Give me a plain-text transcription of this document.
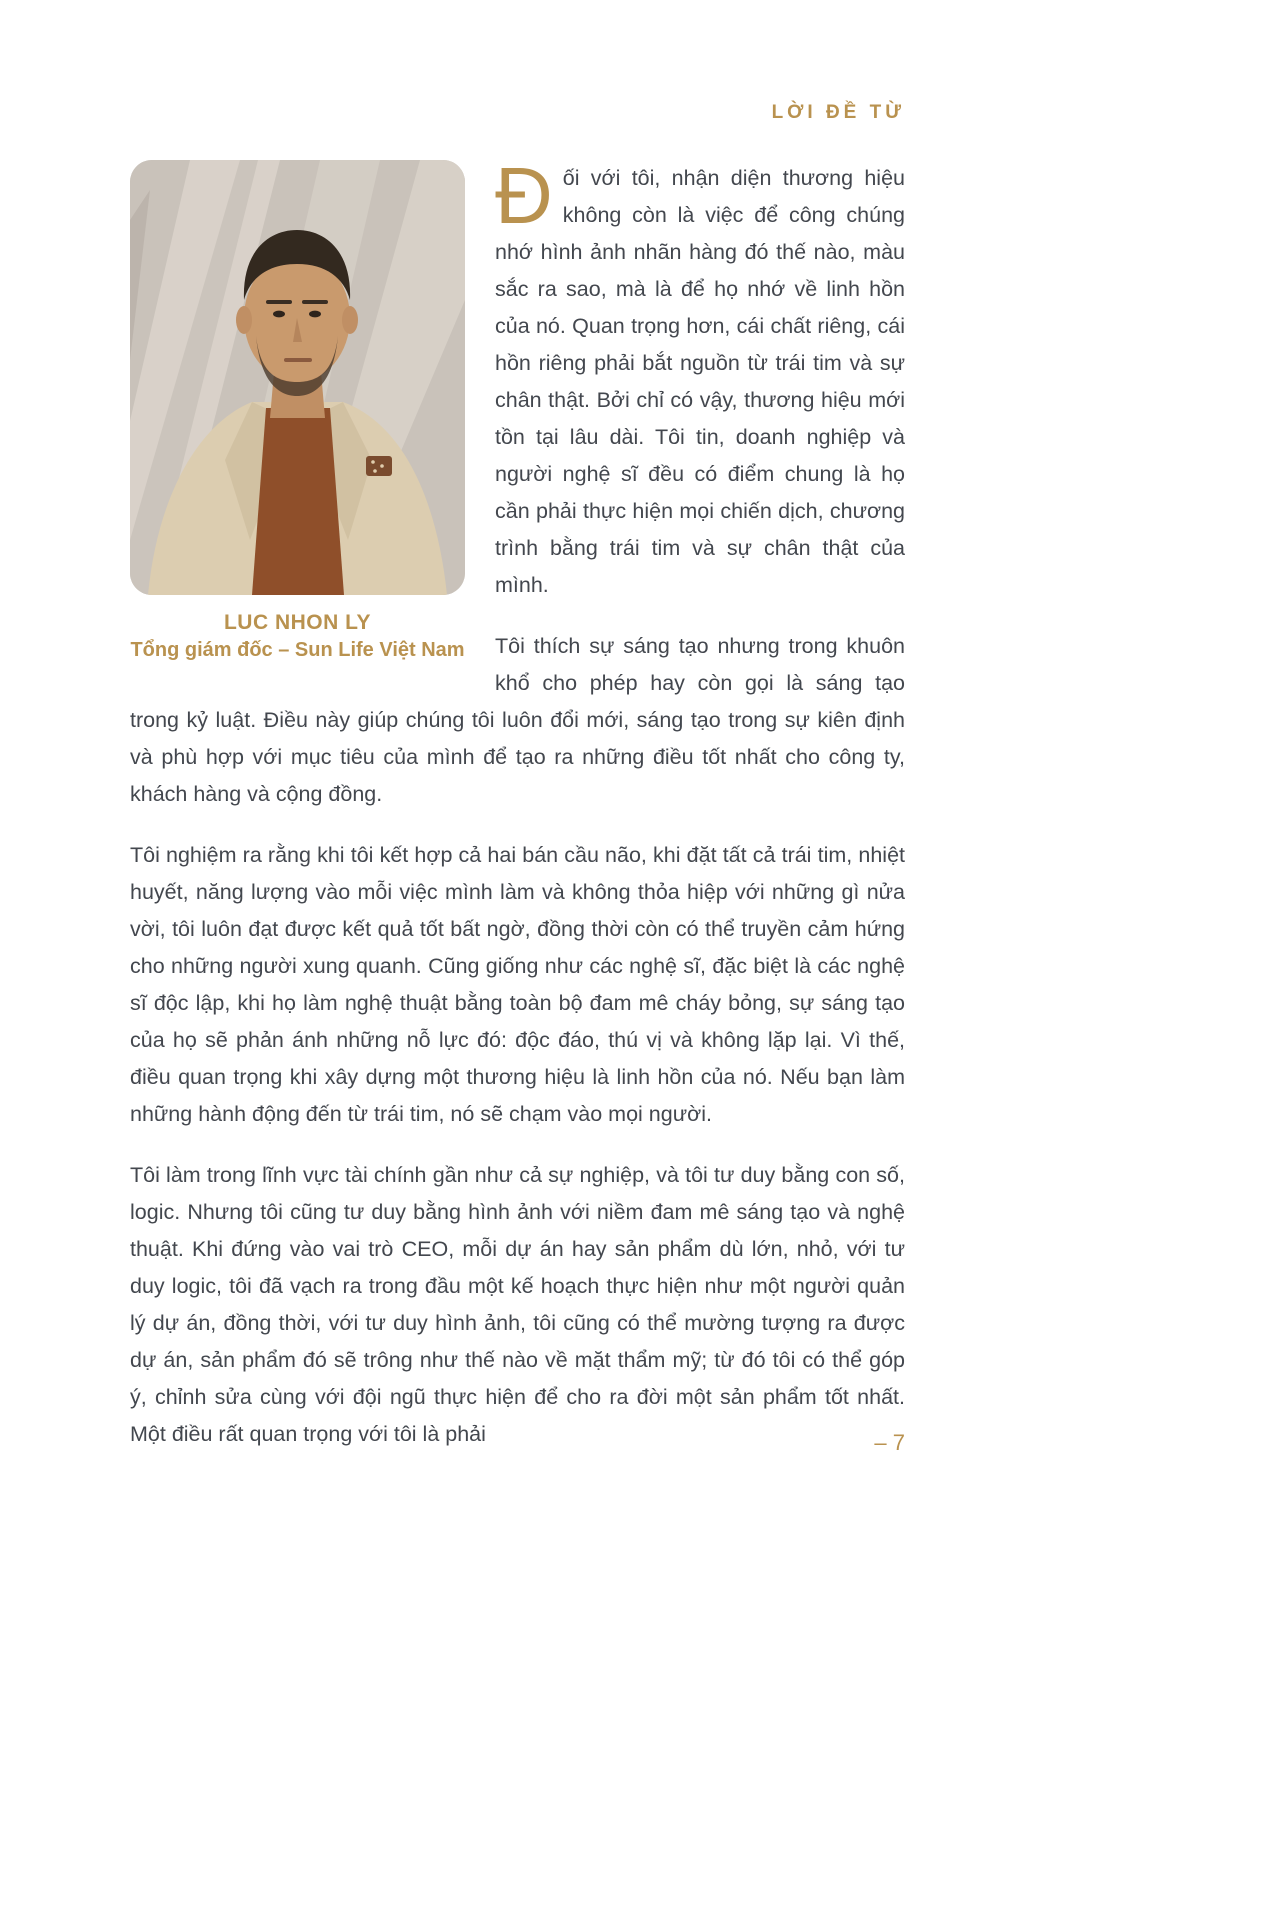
LỜI ĐỀ TỪ
LUC NHON LY
Tổng giám đốc – Sun Life Việt Nam

Đ ối với tôi, nhận diện thương hiệu không còn là việc để công chúng nhớ hình ảnh nhãn hàng đó thế nào, màu sắc ra sao, mà là để họ nhớ về linh hồn của nó. Quan trọng hơn, cái chất riêng, cái hồn riêng phải bắt nguồn từ trái tim và sự chân thật. Bởi chỉ có vậy, thương hiệu mới tồn tại lâu dài. Tôi tin, doanh nghiệp và người nghệ sĩ đều có điểm chung là họ cần phải thực hiện mọi chiến dịch, chương trình bằng trái tim và sự chân thật của mình.

Tôi thích sự sáng tạo nhưng trong khuôn khổ cho phép hay còn gọi là sáng tạo trong kỷ luật. Điều này giúp chúng tôi luôn đổi mới, sáng tạo trong sự kiên định và phù hợp với mục tiêu của mình để tạo ra những điều tốt nhất cho công ty, khách hàng và cộng đồng.

Tôi nghiệm ra rằng khi tôi kết hợp cả hai bán cầu não, khi đặt tất cả trái tim, nhiệt huyết, năng lượng vào mỗi việc mình làm và không thỏa hiệp với những gì nửa vời, tôi luôn đạt được kết quả tốt bất ngờ, đồng thời còn có thể truyền cảm hứng cho những người xung quanh. Cũng giống như các nghệ sĩ, đặc biệt là các nghệ sĩ độc lập, khi họ làm nghệ thuật bằng toàn bộ đam mê cháy bỏng, sự sáng tạo của họ sẽ phản ánh những nỗ lực đó: độc đáo, thú vị và không lặp lại. Vì thế, điều quan trọng khi xây dựng một thương hiệu là linh hồn của nó. Nếu bạn làm những hành động đến từ trái tim, nó sẽ chạm vào mọi người.

Tôi làm trong lĩnh vực tài chính gần như cả sự nghiệp, và tôi tư duy bằng con số, logic. Nhưng tôi cũng tư duy bằng hình ảnh với niềm đam mê sáng tạo và nghệ thuật. Khi đứng vào vai trò CEO, mỗi dự án hay sản phẩm dù lớn, nhỏ, với tư duy logic, tôi đã vạch ra trong đầu một kế hoạch thực hiện như một người quản lý dự án, đồng thời, với tư duy hình ảnh, tôi cũng có thể mường tượng ra được dự án, sản phẩm đó sẽ trông như thế nào về mặt thẩm mỹ; từ đó tôi có thể góp ý, chỉnh sửa cùng với đội ngũ thực hiện để cho ra đời một sản phẩm tốt nhất. Một điều rất quan trọng với tôi là phải	– 7
